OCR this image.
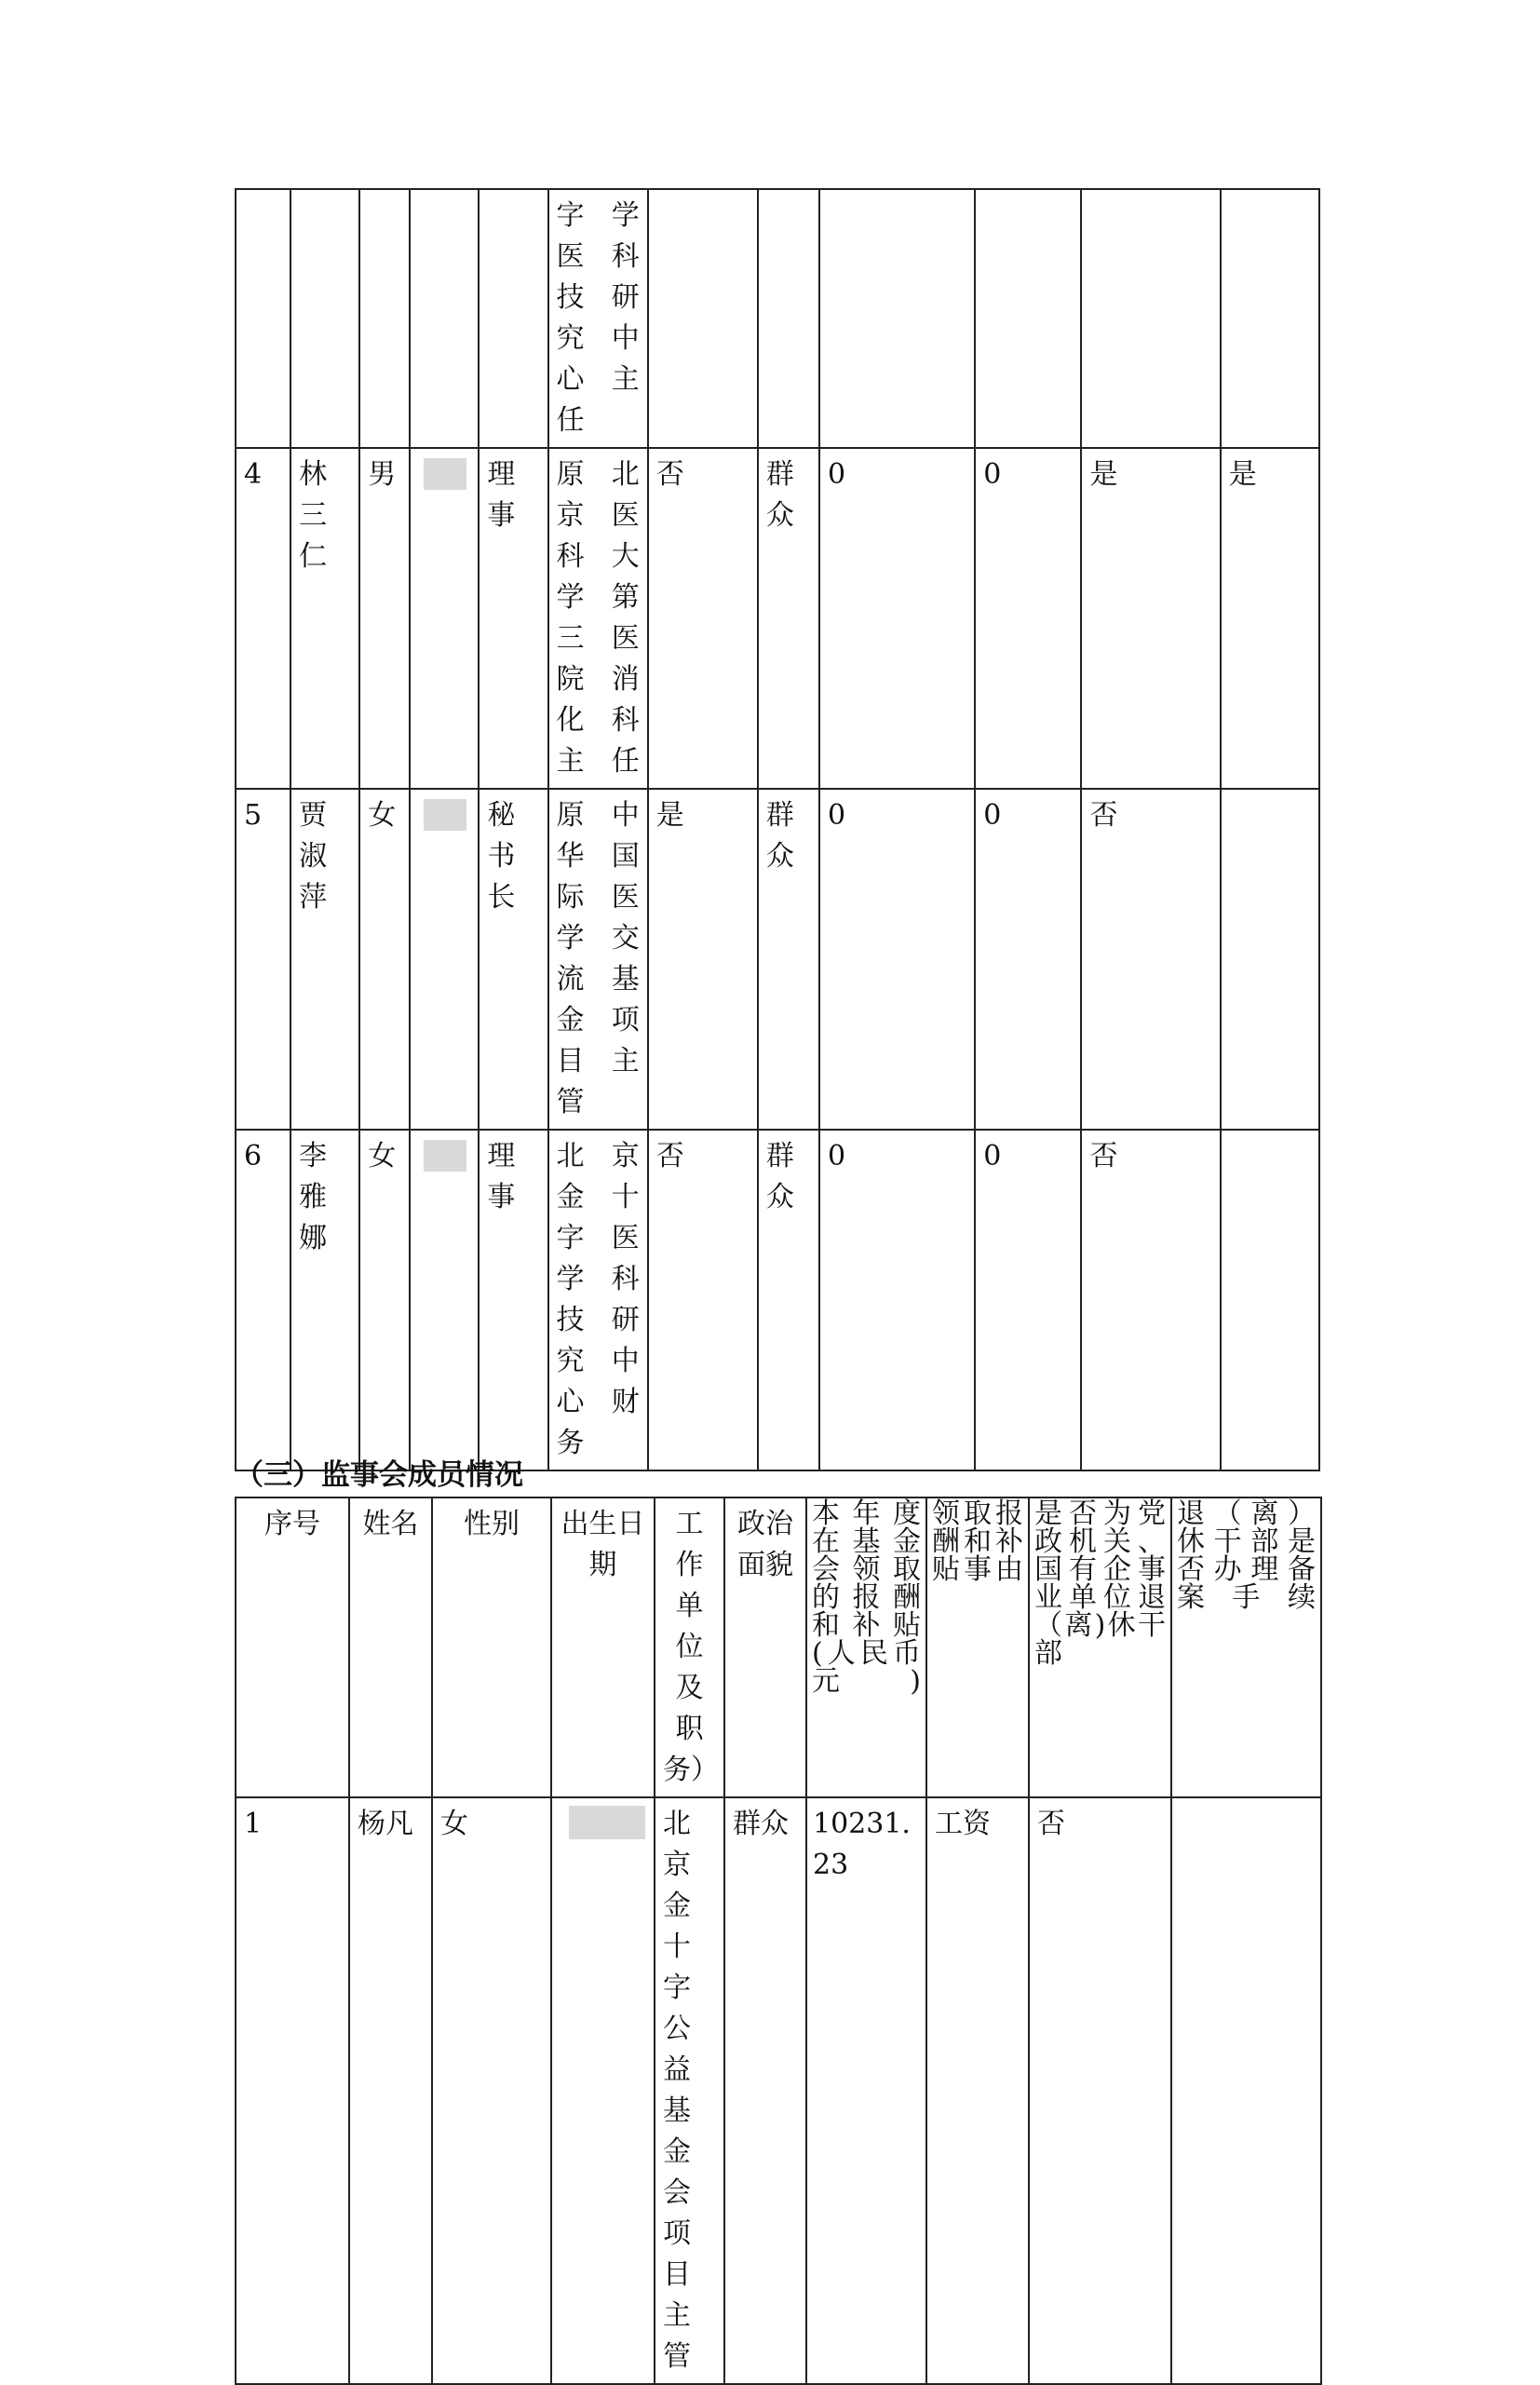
					字学医科技研究中心主任						

4	林三仁	男		理事	原北京医科大学第三医院消化科主任	否	群众	0	0	是	是

5	贾淑萍	女		秘书长	原中华国际医学交流基金项目主管	是	群众	0	0	否	

6	李雅娜	女		理事	北京金十字医学科技研究中心财务	否	群众	0	0	否	

（三）监事会成员情况
序号	姓名	性别	出生日期	工作单位及职务）	政治面貌	本年度在基金会领取的报酬和补贴(人民币元)	领取报酬和补贴事由	是否为党政机关、国有企事业单位退（离)休干部	退（离）休干部是否办理备案手续

1	杨凡	女		北京金十字公益基金会项目主管	群众	10231.23	工资	否	
